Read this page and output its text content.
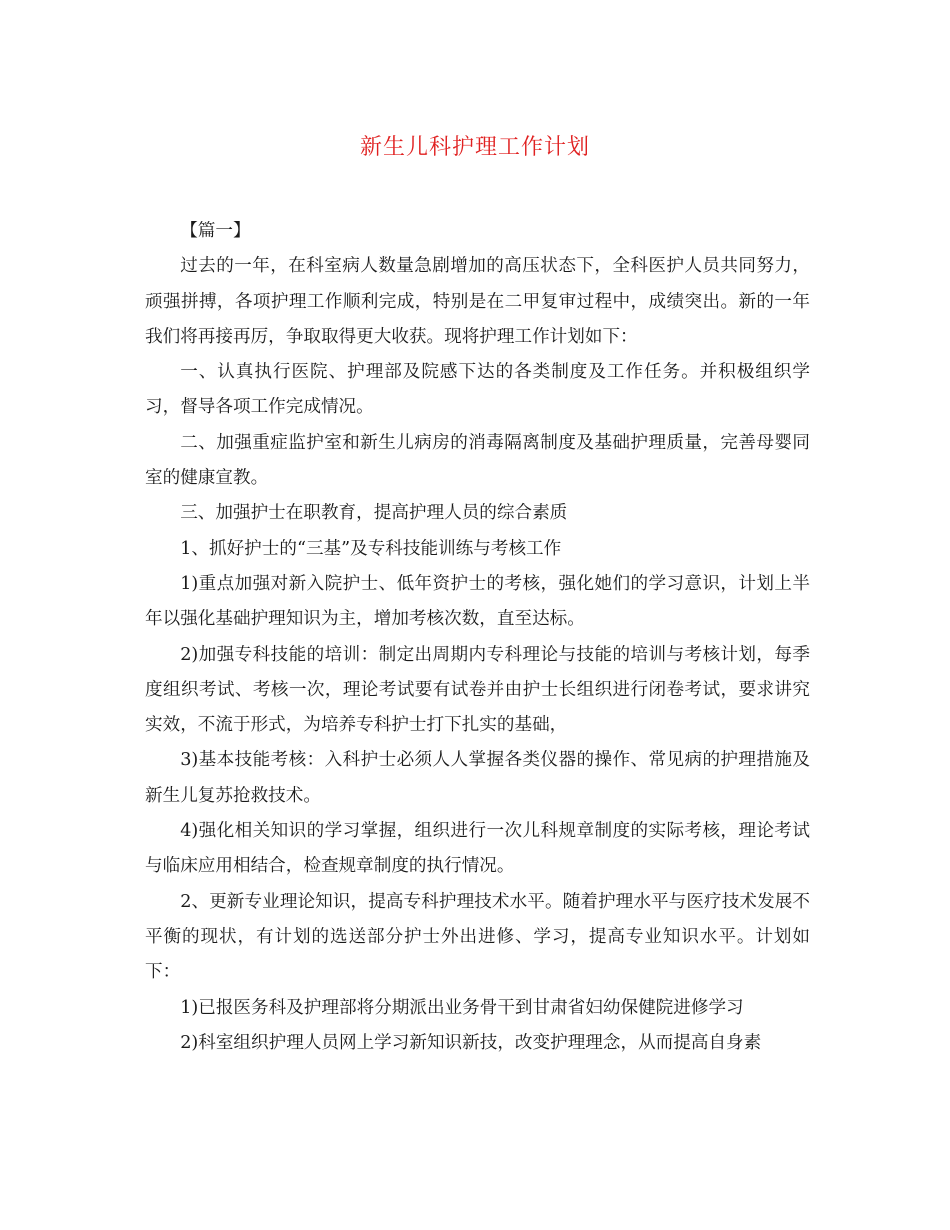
新生儿科护理工作计划

【篇一】

过去的一年，在科室病人数量急剧增加的高压状态下，全科医护人员共同努力，顽强拼搏，各项护理工作顺利完成，特别是在二甲复审过程中，成绩突出。新的一年我们将再接再厉，争取取得更大收获。现将护理工作计划如下：

一、认真执行医院、护理部及院感下达的各类制度及工作任务。并积极组织学习，督导各项工作完成情况。

二、加强重症监护室和新生儿病房的消毒隔离制度及基础护理质量，完善母婴同室的健康宣教。

三、加强护士在职教育，提高护理人员的综合素质

1、抓好护士的“三基”及专科技能训练与考核工作

1)重点加强对新入院护士、低年资护士的考核，强化她们的学习意识，计划上半年以强化基础护理知识为主，增加考核次数，直至达标。

2)加强专科技能的培训：制定出周期内专科理论与技能的培训与考核计划，每季度组织考试、考核一次，理论考试要有试卷并由护士长组织进行闭卷考试，要求讲究实效，不流于形式，为培养专科护士打下扎实的基础，

3)基本技能考核：入科护士必须人人掌握各类仪器的操作、常见病的护理措施及新生儿复苏抢救技术。

4)强化相关知识的学习掌握，组织进行一次儿科规章制度的实际考核，理论考试与临床应用相结合，检查规章制度的执行情况。

2、更新专业理论知识，提高专科护理技术水平。随着护理水平与医疗技术发展不平衡的现状，有计划的选送部分护士外出进修、学习，提高专业知识水平。计划如下：

1)已报医务科及护理部将分期派出业务骨干到甘肃省妇幼保健院进修学习

2)科室组织护理人员网上学习新知识新技，改变护理理念，从而提高自身素
